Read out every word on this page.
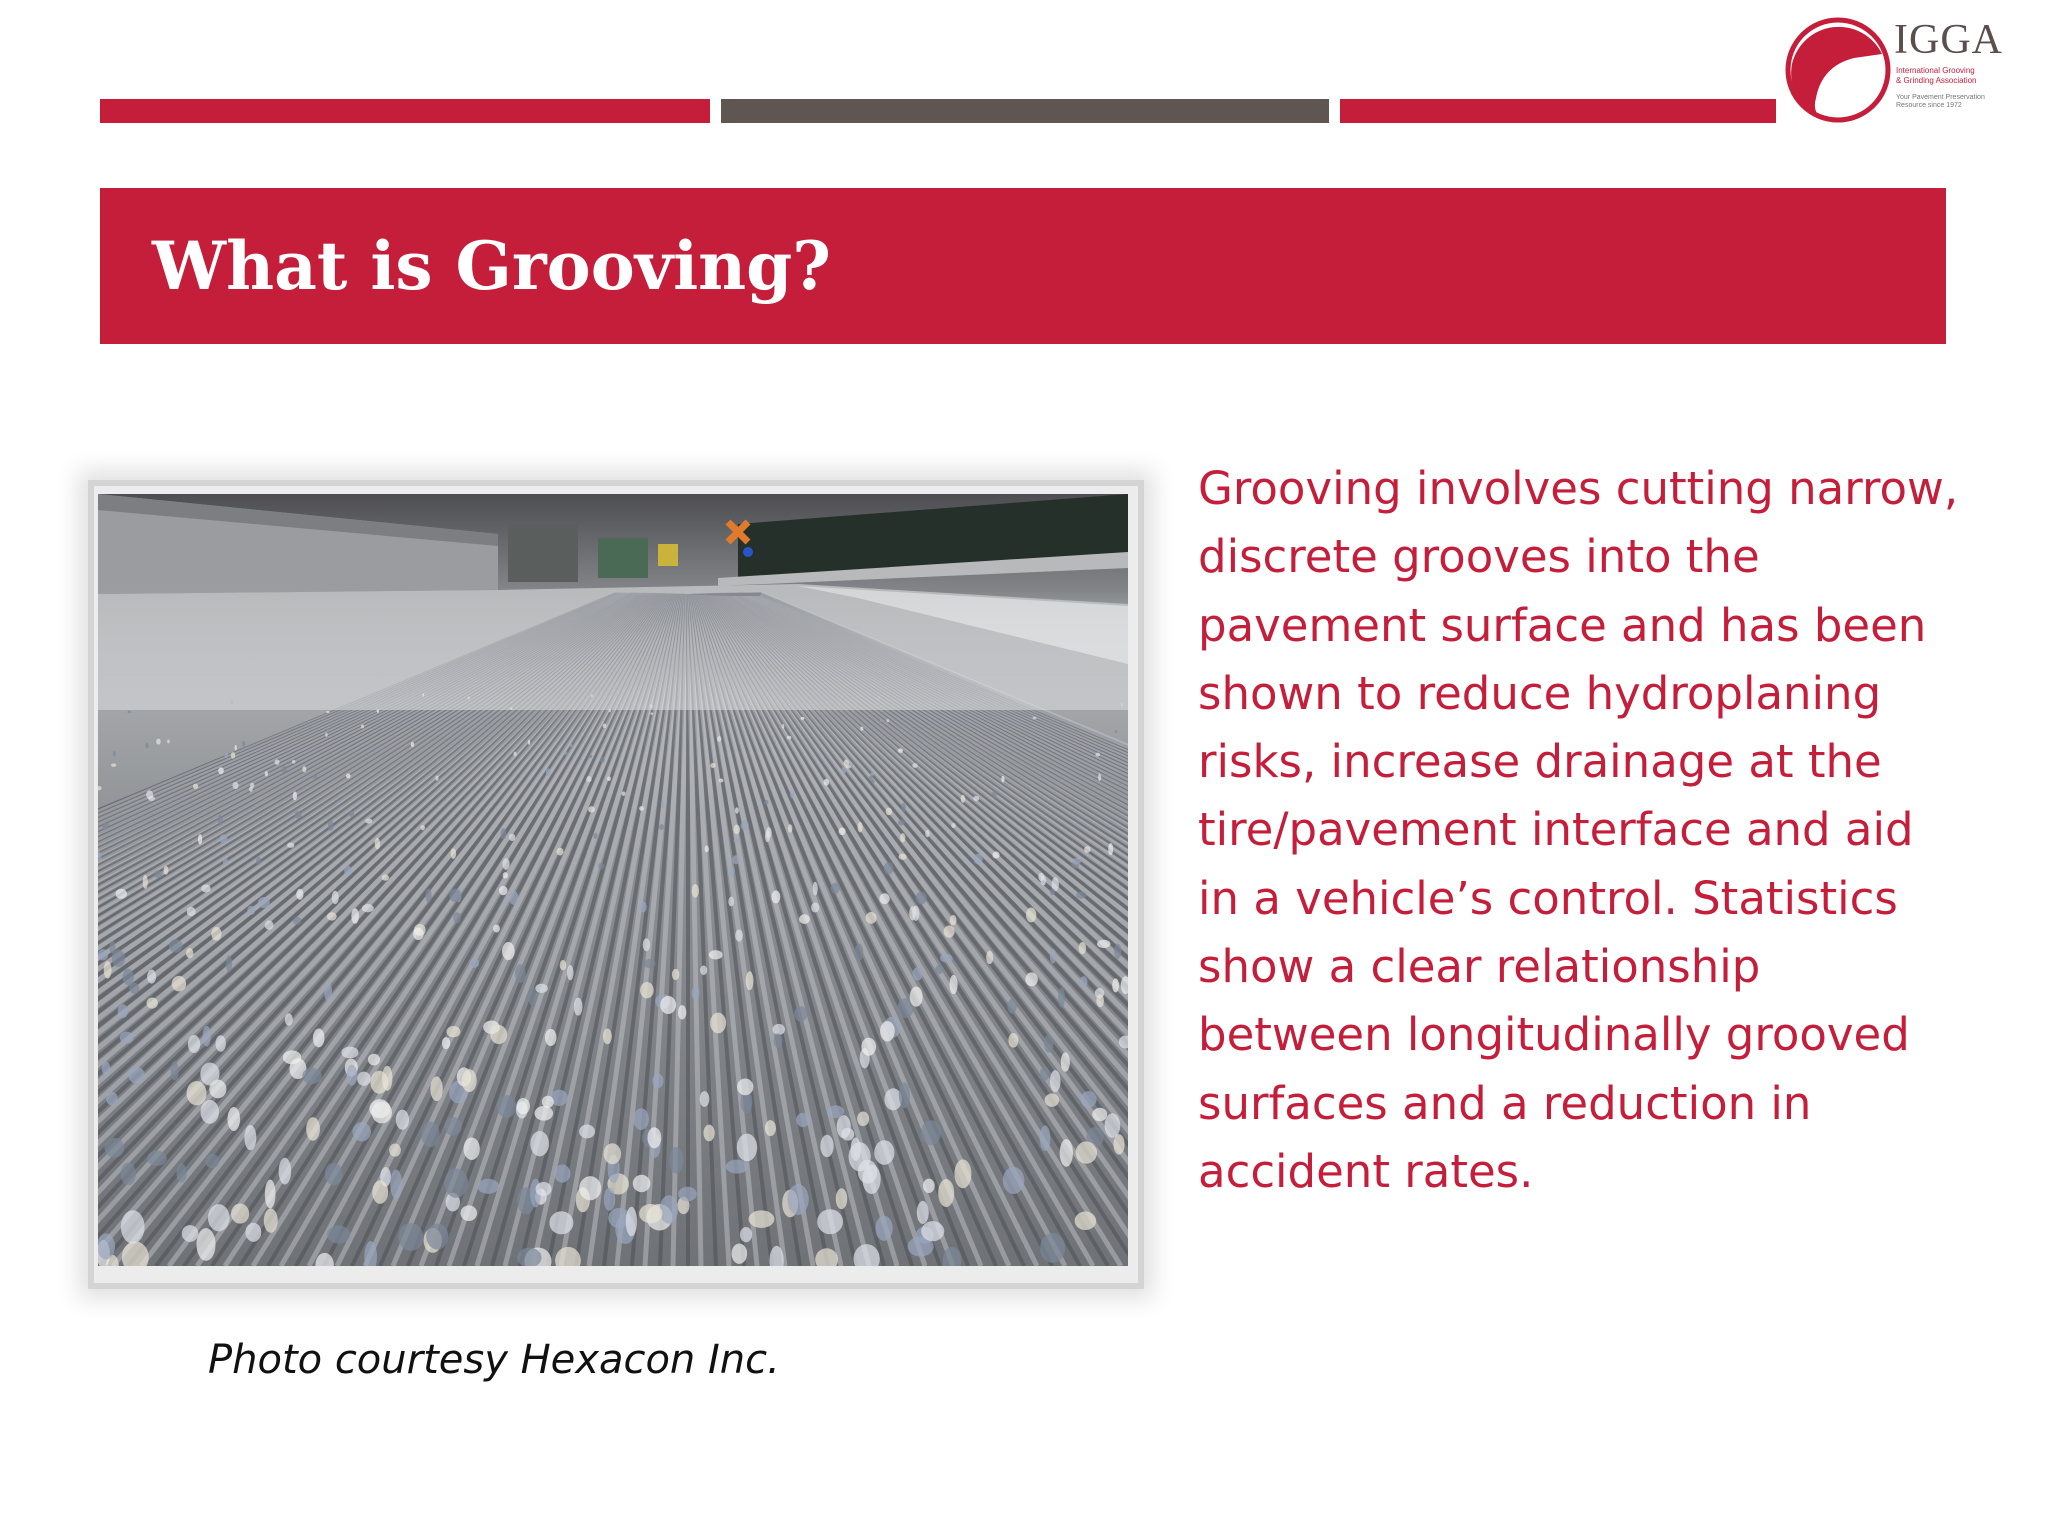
IGGA
International Grooving
& Grinding Association
Your Pavement Preservation
Resource since 1972
What is Grooving?
Photo courtesy Hexacon Inc.

Grooving involves cutting narrow, discrete grooves into the pavement surface and has been shown to reduce hydroplaning risks, increase drainage at the tire/pavement interface and aid in a vehicle’s control. Statistics show a clear relationship between longitudinally grooved surfaces and a reduction in accident rates.
